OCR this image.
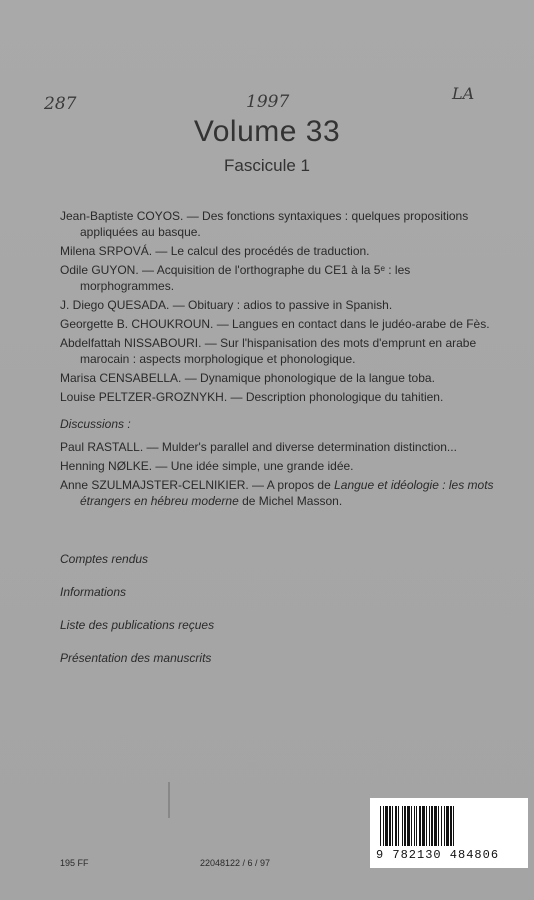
287	1997	LA
Volume 33
Fascicule 1
Jean-Baptiste COYOS. — Des fonctions syntaxiques : quelques propositions appliquées au basque.
Milena SRPOVÁ. — Le calcul des procédés de traduction.
Odile GUYON. — Acquisition de l'orthographe du CE1 à la 5ᵉ : les morphogrammes.
J. Diego QUESADA. — Obituary : adios to passive in Spanish.
Georgette B. CHOUKROUN. — Langues en contact dans le judéo-arabe de Fès.
Abdelfattah NISSABOURI. — Sur l'hispanisation des mots d'emprunt en arabe marocain : aspects morphologique et phonologique.
Marisa CENSABELLA. — Dynamique phonologique de la langue toba.
Louise PELTZER-GROZNYKH. — Description phonologique du tahitien.
Discussions :
Paul RASTALL. — Mulder's parallel and diverse determination distinction...
Henning NØLKE. — Une idée simple, une grande idée.
Anne SZULMAJSTER-CELNIKIER. — A propos de Langue et idéologie : les mots étrangers en hébreu moderne de Michel Masson.
Comptes rendus
Informations
Liste des publications reçues
Présentation des manuscrits
195 FF	22048122 / 6 / 97
9 782130 484806
